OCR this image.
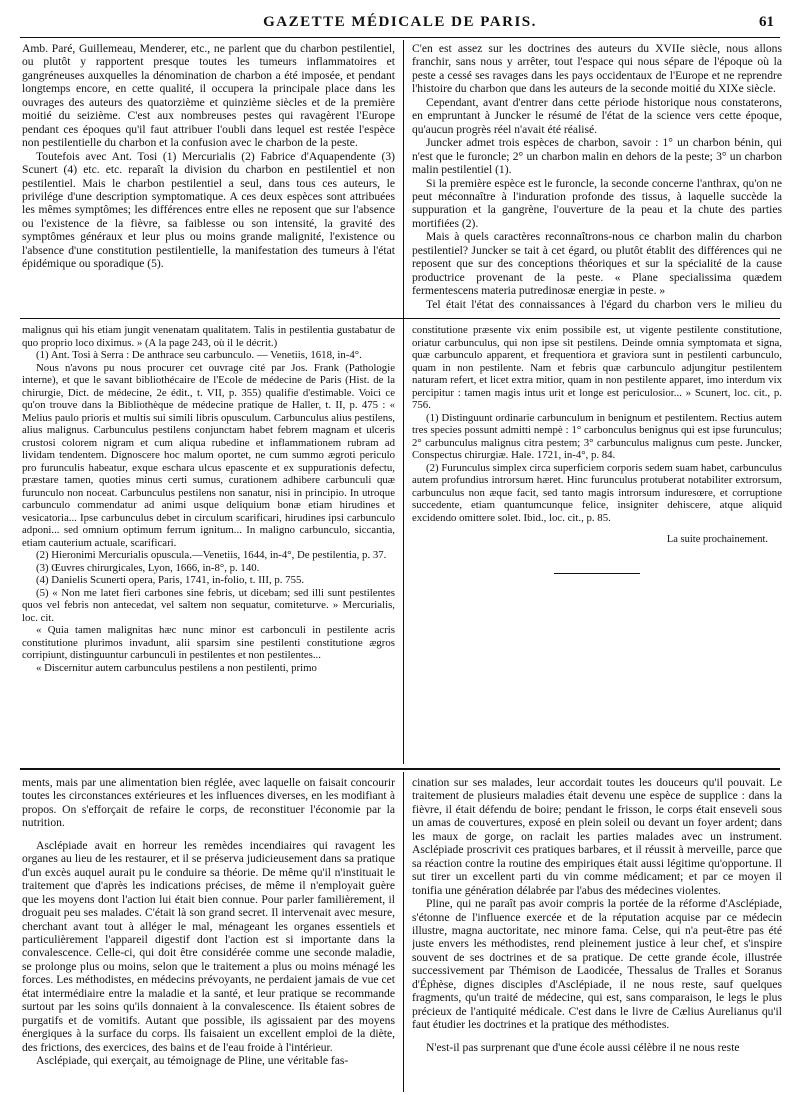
GAZETTE MÉDICALE DE PARIS.	61

Amb. Paré, Guillemeau, Menderer, etc., ne parlent que du charbon pestilentiel, ou plutôt y rapportent presque toutes les tumeurs inflammatoires et gangréneuses auxquelles la dénomination de charbon a été imposée, et pendant longtemps encore, en cette qualité, il occupera la principale place dans les ouvrages des auteurs des quatorzième et quinzième siècles et de la première moitié du seizième. C'est aux nombreuses pestes qui ravagèrent l'Europe pendant ces époques qu'il faut attribuer l'oubli dans lequel est restée l'espèce non pestilentielle du charbon et la confusion avec le charbon de la peste.

Toutefois avec Ant. Tosi (1) Mercurialis (2) Fabrice d'Aquapendente (3) Scunert (4) etc. etc. reparaît la division du charbon en pestilentiel et non pestilentiel. Mais le charbon pestilentiel a seul, dans tous ces auteurs, le privilége d'une description symptomatique. A ces deux espèces sont attribuées les mêmes symptômes; les différences entre elles ne reposent que sur l'absence ou l'existence de la fièvre, sa faiblesse ou son intensité, la gravité des symptômes généraux et leur plus ou moins grande malignité, l'existence ou l'absence d'une constitution pestilentielle, la manifestation des tumeurs à l'état épidémique ou sporadique (5).

C'en est assez sur les doctrines des auteurs du XVIIe siècle, nous allons franchir, sans nous y arrêter, tout l'espace qui nous sépare de l'époque où la peste a cessé ses ravages dans les pays occidentaux de l'Europe et ne reprendre l'histoire du charbon que dans les auteurs de la seconde moitié du XIXe siècle.

Cependant, avant d'entrer dans cette période historique nous constaterons, en empruntant à Juncker le résumé de l'état de la science vers cette époque, qu'aucun progrès réel n'avait été réalisé.

Juncker admet trois espèces de charbon, savoir : 1° un charbon bénin, qui n'est que le furoncle; 2° un charbon malin en dehors de la peste; 3° un charbon malin pestilentiel (1).

Si la première espèce est le furoncle, la seconde concerne l'anthrax, qu'on ne peut méconnaître à l'induration profonde des tissus, à laquelle succède la suppuration et la gangrène, l'ouverture de la peau et la chute des parties mortifiées (2).

Mais à quels caractères reconnaîtrons-nous ce charbon malin du charbon pestilentiel? Juncker se tait à cet égard, ou plutôt établit des différences qui ne reposent que sur des conceptions théoriques et sur la spécialité de la cause productrice provenant de la peste. « Plane specialissima quædem fermentescens materia putredinosæ energiæ in peste. »

Tel était l'état des connaissances à l'égard du charbon vers le milieu du

malignus qui his etiam jungit venenatam qualitatem. Talis in pestilentia gustabatur de quo proprio loco diximus. » (A la page 243, où il le décrit.)

(1) Ant. Tosi à Serra : De anthrace seu carbunculo. — Venetiis, 1618, in-4°.

Nous n'avons pu nous procurer cet ouvrage cité par Jos. Frank (Pathologie interne), et que le savant bibliothécaire de l'Ecole de médecine de Paris (Hist. de la chirurgie, Dict. de médecine, 2e édit., t. VII, p. 355) qualifie d'estimable. Voici ce qu'on trouve dans la Bibliothèque de médecine pratique de Haller, t. II, p. 475 : « Melius paulo prioris et multis sui simili libris opusculum. Carbunculus alius pestilens, alius malignus. Carbunculus pestilens conjunctam habet febrem magnam et ulceris crustosi colorem nigram et cum aliqua rubedine et inflammationem rubram ad lividam tendentem. Dignoscere hoc malum oportet, ne cum summo ægroti periculo pro furunculis habeatur, exque eschara ulcus epascente et ex suppurationis defectu, præstare tamen, quoties minus certi sumus, curationem adhibere carbunculi quæ furunculo non noceat. Carbunculus pestilens non sanatur, nisi in principio. In utroque carbunculo commendatur ad animi usque deliquium bonæ etiam hirudines et vesicatoria... Ipse carbunculus debet in circulum scarificari, hirudines ipsi carbunculo adponi... sed omnium optimum ferrum ignitum... In maligno carbunculo, siccantia, etiam cauterium actuale, scarificari.

(2) Hieronimi Mercurialis opuscula.—Venetiis, 1644, in-4°, De pestilentia, p. 37.

(3) Œuvres chirurgicales, Lyon, 1666, in-8°, p. 140.

(4) Danielis Scunerti opera, Paris, 1741, in-folio, t. III, p. 755.

(5) « Non me latet fieri carbones sine febris, ut dicebam; sed illi sunt pestilentes quos vel febris non antecedat, vel saltem non sequatur, comiteturve. » Mercurialis, loc. cit.

« Quia tamen malignitas hæc nunc minor est carbonculi in pestilente acris constitutione plurimos invadunt, alii sparsim sine pestilenti constitutione ægros corripiunt, distinguuntur carbunculi in pestilentes et non pestilentes...

« Discernitur autem carbunculus pestilens a non pestilenti, primo

constitutione præsente vix enim possibile est, ut vigente pestilente constitutione, oriatur carbunculus, qui non ipse sit pestilens. Deinde omnia symptomata et signa, quæ carbunculo apparent, et frequentiora et graviora sunt in pestilenti carbunculo, quam in non pestilente. Nam et febris quæ carbunculo adjungitur pestilentem naturam refert, et licet extra mitior, quam in non pestilente apparet, imo interdum vix percipitur : tamen magis intus urit et longe est periculosior... » Scunert, loc. cit., p. 756.

(1) Distinguunt ordinarie carbunculum in benignum et pestilentem. Rectius autem tres species possunt admitti nempè : 1° carbonculus benignus qui est ipse furunculus; 2° carbunculus malignus citra pestem; 3° carbunculus malignus cum peste. Juncker, Conspectus chirurgiæ. Hale. 1721, in-4°, p. 84.

(2) Furunculus simplex circa superficiem corporis sedem suam habet, carbunculus autem profundius introrsum hæret. Hinc furunculus protuberat notabiliter extrorsum, carbunculus non æque facit, sed tanto magis introrsum induresœre, et corruptione succedente, etiam quantumcunque felice, insigniter dehiscere, atque aliquid excidendo omittere solet. Ibid., loc. cit., p. 85.

La suite prochainement.

ments, mais par une alimentation bien réglée, avec laquelle on faisait concourir toutes les circonstances extérieures et les influences diverses, en les modifiant à propos. On s'efforçait de refaire le corps, de reconstituer l'économie par la nutrition.

Asclépiade avait en horreur les remèdes incendiaires qui ravagent les organes au lieu de les restaurer, et il se préserva judicieusement dans sa pratique d'un excès auquel aurait pu le conduire sa théorie. De même qu'il n'instituait le traitement que d'après les indications précises, de même il n'employait guère que les moyens dont l'action lui était bien connue. Pour parler familièrement, il droguait peu ses malades. C'était là son grand secret. Il intervenait avec mesure, cherchant avant tout à alléger le mal, ménageant les organes essentiels et particulièrement l'appareil digestif dont l'action est si importante dans la convalescence. Celle-ci, qui doit être considérée comme une seconde maladie, se prolonge plus ou moins, selon que le traitement a plus ou moins ménagé les forces. Les méthodistes, en médecins prévoyants, ne perdaient jamais de vue cet état intermédiaire entre la maladie et la santé, et leur pratique se recommande surtout par les soins qu'ils donnaient à la convalescence. Ils étaient sobres de purgatifs et de vomitifs. Autant que possible, ils agissaient par des moyens énergiques à la surface du corps. Ils faisaient un excellent emploi de la diète, des frictions, des exercices, des bains et de l'eau froide à l'intérieur.

Asclépiade, qui exerçait, au témoignage de Pline, une véritable fas-

cination sur ses malades, leur accordait toutes les douceurs qu'il pouvait. Le traitement de plusieurs maladies était devenu une espèce de supplice : dans la fièvre, il était défendu de boire; pendant le frisson, le corps était enseveli sous un amas de couvertures, exposé en plein soleil ou devant un foyer ardent; dans les maux de gorge, on raclait les parties malades avec un instrument. Asclépiade proscrivit ces pratiques barbares, et il réussit à merveille, parce que sa réaction contre la routine des empiriques était aussi légitime qu'opportune. Il sut tirer un excellent parti du vin comme médicament; et par ce moyen il tonifia une génération délabrée par l'abus des médecines violentes.

Pline, qui ne paraît pas avoir compris la portée de la réforme d'Asclépiade, s'étonne de l'influence exercée et de la réputation acquise par ce médecin illustre, magna auctoritate, nec minore fama. Celse, qui n'a peut-être pas été juste envers les méthodistes, rend pleinement justice à leur chef, et s'inspire souvent de ses doctrines et de sa pratique. De cette grande école, illustrée successivement par Thémison de Laodicée, Thessalus de Tralles et Soranus d'Éphèse, dignes disciples d'Asclépiade, il ne nous reste, sauf quelques fragments, qu'un traité de médecine, qui est, sans comparaison, le legs le plus précieux de l'antiquité médicale. C'est dans le livre de Cælius Aurelianus qu'il faut étudier les doctrines et la pratique des méthodistes.

N'est-il pas surprenant que d'une école aussi célèbre il ne nous reste
